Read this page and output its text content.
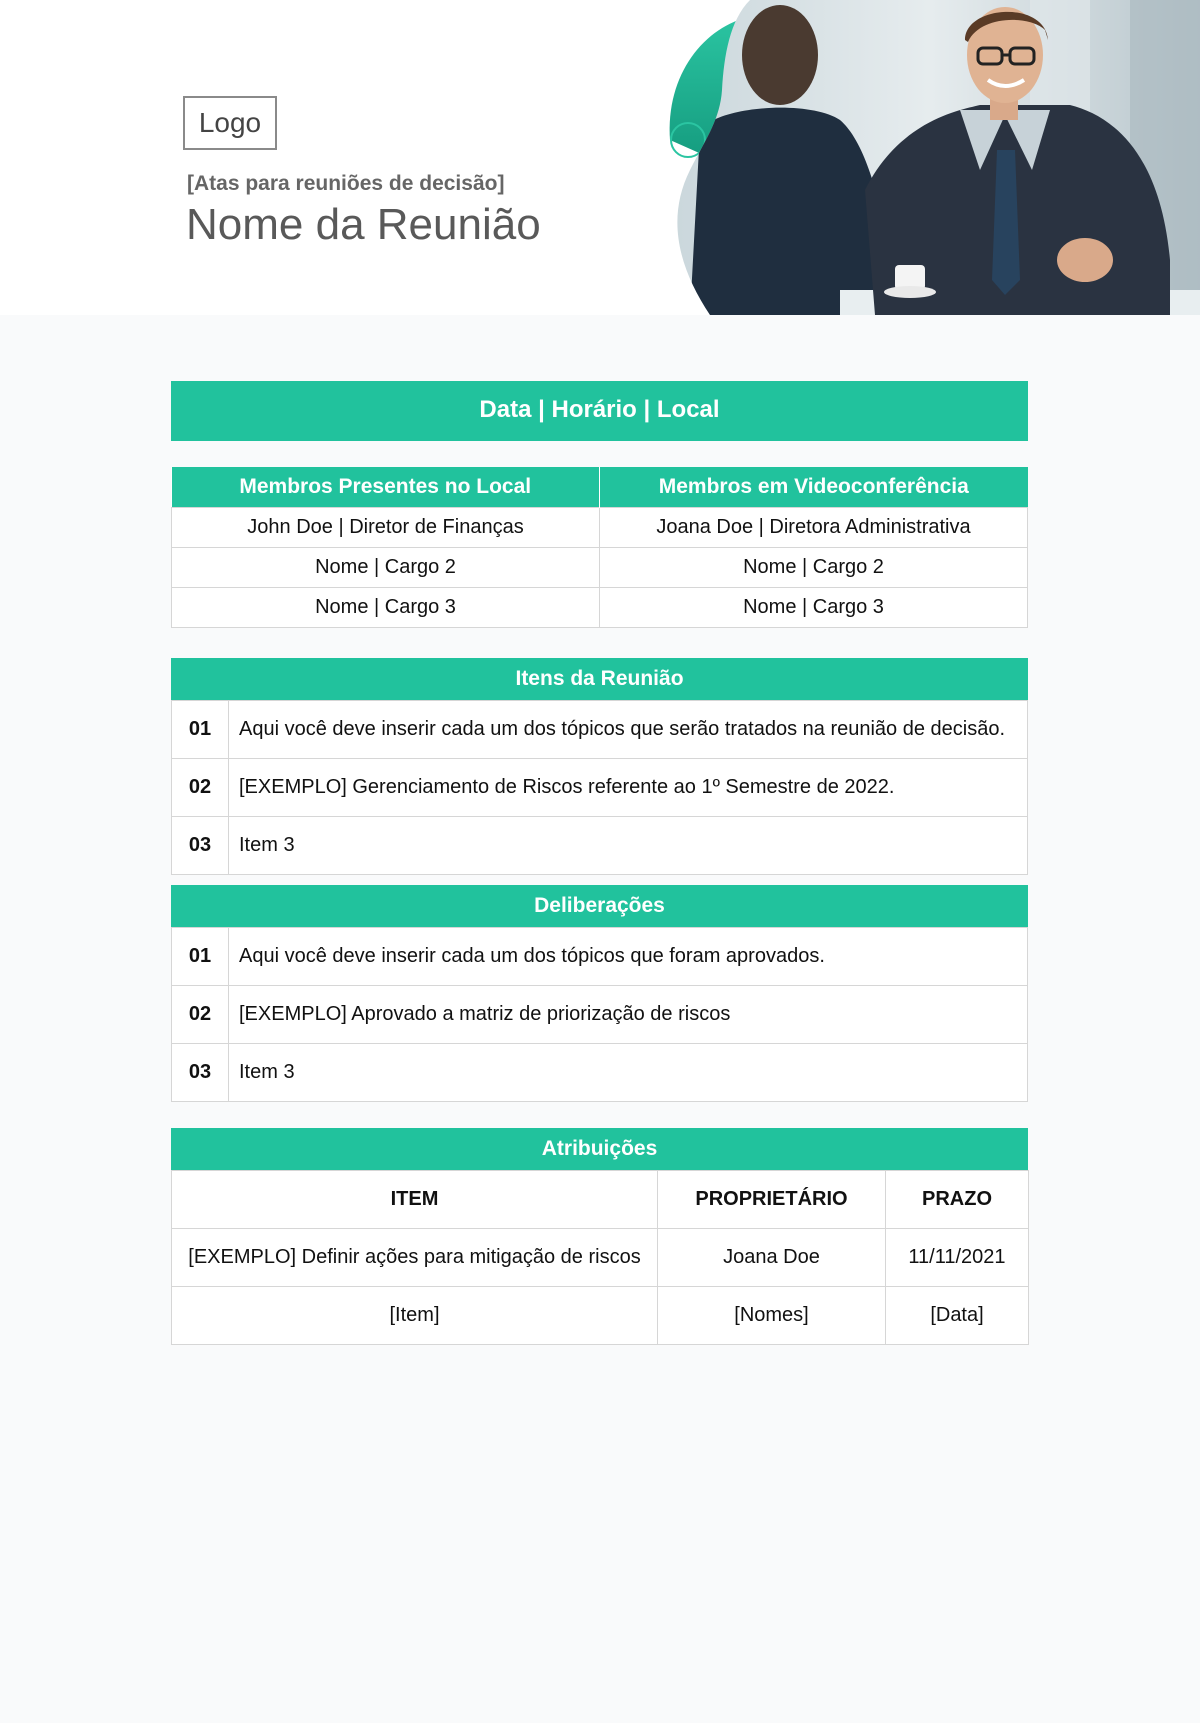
Logo
[Atas para reuniões de decisão]
Nome da Reunião
Data | Horário | Local
Membros Presentes no Local	Membros em Videoconferência
John Doe | Diretor de Finanças	Joana Doe | Diretora Administrativa
Nome | Cargo 2	Nome | Cargo 2
Nome | Cargo 3	Nome | Cargo 3
Itens da Reunião
01	Aqui você deve inserir cada um dos tópicos que serão tratados na reunião de decisão.
02	[EXEMPLO] Gerenciamento de Riscos referente ao 1º Semestre de 2022.
03	Item 3
Deliberações
01	Aqui você deve inserir cada um dos tópicos que foram aprovados.
02	[EXEMPLO] Aprovado a matriz de priorização de riscos
03	Item 3
Atribuições
ITEM	PROPRIETÁRIO	PRAZO
[EXEMPLO] Definir ações para mitigação de riscos	Joana Doe	11/11/2021
[Item]	[Nomes]	[Data]
